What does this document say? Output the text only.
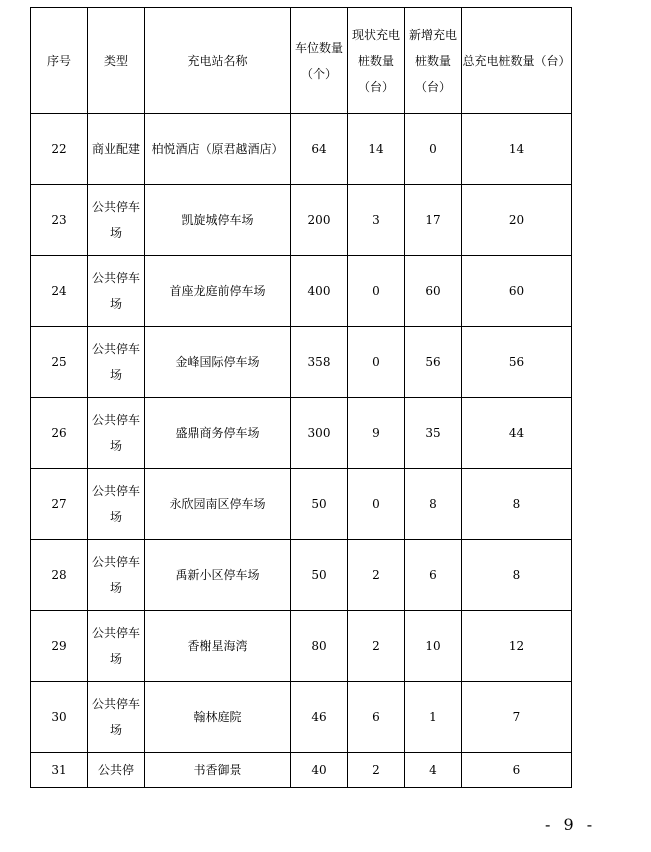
序号	类型	充电站名称	车位数量（个）	现状充电桩数量（台）	新增充电桩数量（台）	总充电桩数量（台）
22	商业配建	柏悦酒店（原君越酒店）	64	14	0	14
23	公共停车场	凯旋城停车场	200	3	17	20
24	公共停车场	首座龙庭前停车场	400	0	60	60
25	公共停车场	金峰国际停车场	358	0	56	56
26	公共停车场	盛鼎商务停车场	300	9	35	44
27	公共停车场	永欣园南区停车场	50	0	8	8
28	公共停车场	禹新小区停车场	50	2	6	8
29	公共停车场	香榭星海湾	80	2	10	12
30	公共停车场	翰林庭院	46	6	1	7
31	公共停	书香御景	40	2	4	6
- 9 -
